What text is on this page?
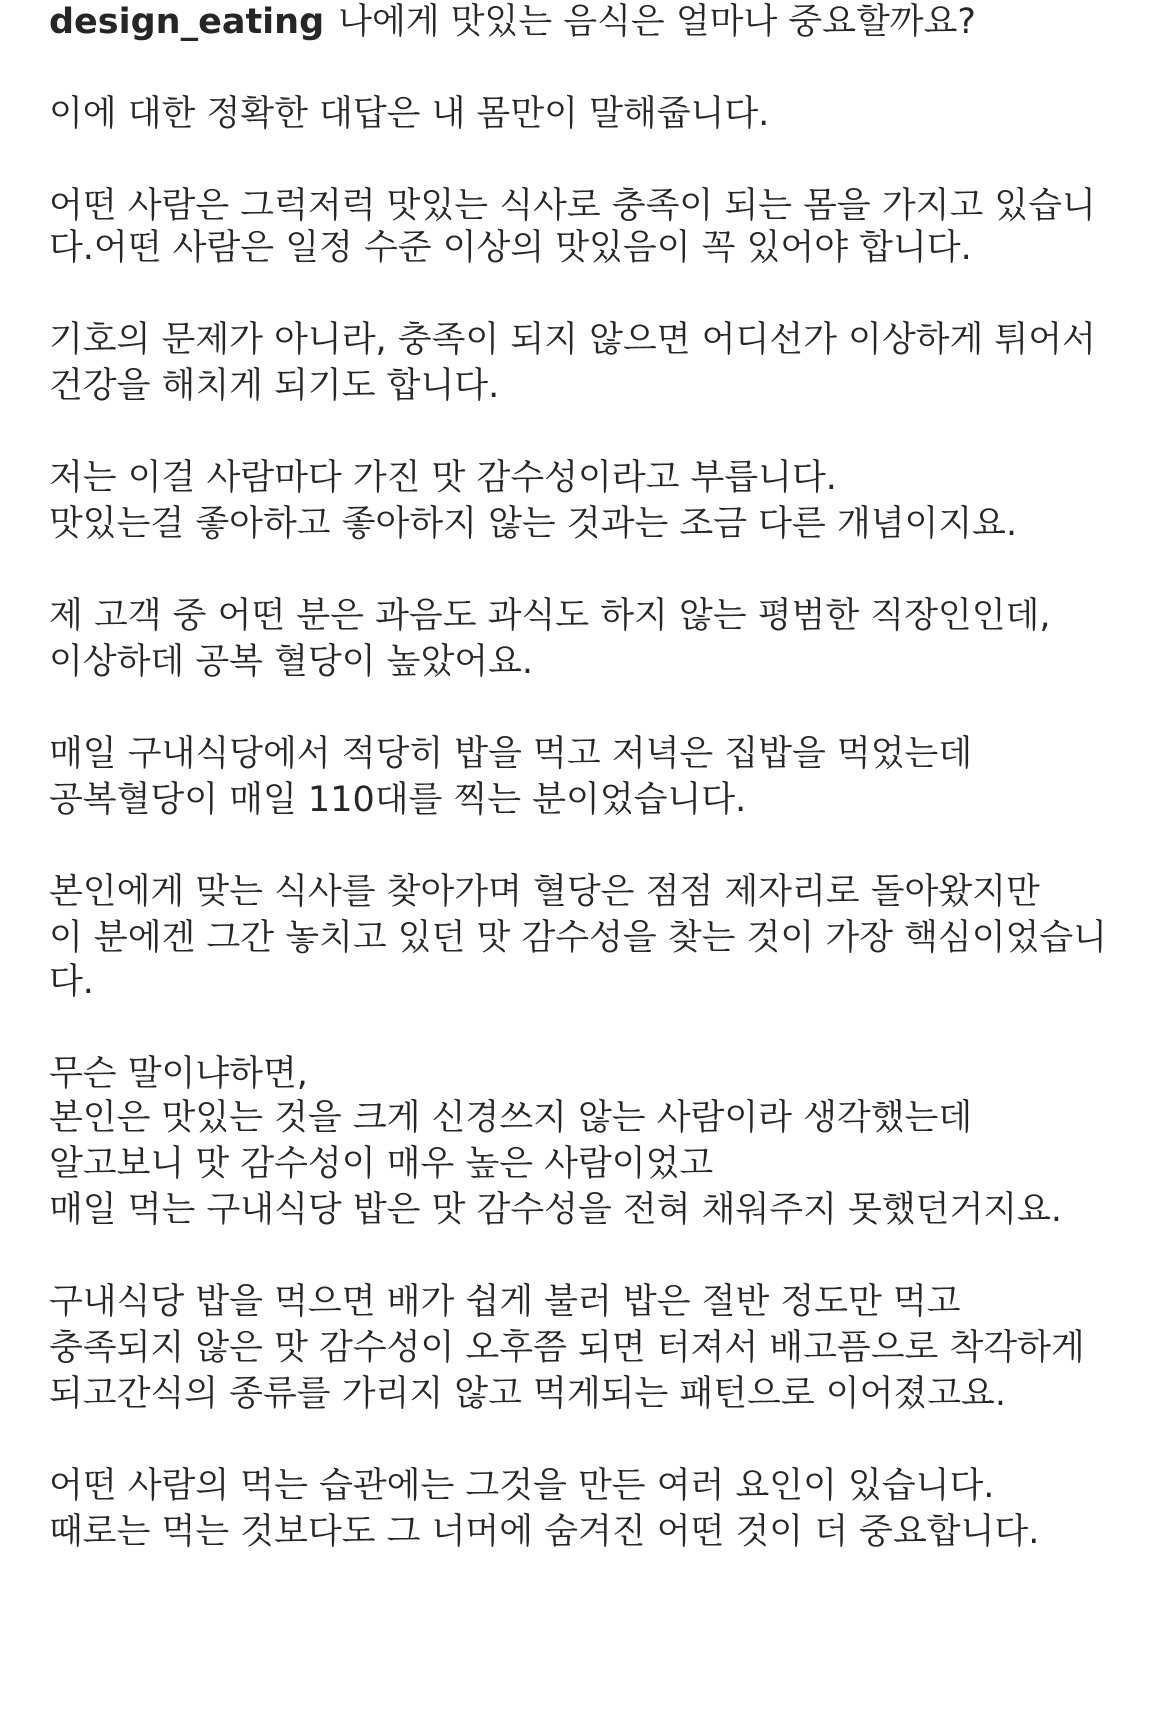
design_eating 나에게 맛있는 음식은 얼마나 중요할까요?
이에 대한 정확한 대답은 내 몸만이 말해줍니다.
어떤 사람은 그럭저럭 맛있는 식사로 충족이 되는 몸을 가지고 있습니
다.어떤 사람은 일정 수준 이상의 맛있음이 꼭 있어야 합니다.
기호의 문제가 아니라, 충족이 되지 않으면 어디선가 이상하게 튀어서
건강을 해치게 되기도 합니다.
저는 이걸 사람마다 가진 맛 감수성이라고 부릅니다.
맛있는걸 좋아하고 좋아하지 않는 것과는 조금 다른 개념이지요.
제 고객 중 어떤 분은 과음도 과식도 하지 않는 평범한 직장인인데,
이상하데 공복 혈당이 높았어요.
매일 구내식당에서 적당히 밥을 먹고 저녁은 집밥을 먹었는데
공복혈당이 매일 110대를 찍는 분이었습니다.
본인에게 맞는 식사를 찾아가며 혈당은 점점 제자리로 돌아왔지만
이 분에겐 그간 놓치고 있던 맛 감수성을 찾는 것이 가장 핵심이었습니
다.
무슨 말이냐하면,
본인은 맛있는 것을 크게 신경쓰지 않는 사람이라 생각했는데
알고보니 맛 감수성이 매우 높은 사람이었고
매일 먹는 구내식당 밥은 맛 감수성을 전혀 채워주지 못했던거지요.
구내식당 밥을 먹으면 배가 쉽게 불러 밥은 절반 정도만 먹고
충족되지 않은 맛 감수성이 오후쯤 되면 터져서 배고픔으로 착각하게
되고간식의 종류를 가리지 않고 먹게되는 패턴으로 이어졌고요.
어떤 사람의 먹는 습관에는 그것을 만든 여러 요인이 있습니다.
때로는 먹는 것보다도 그 너머에 숨겨진 어떤 것이 더 중요합니다.
